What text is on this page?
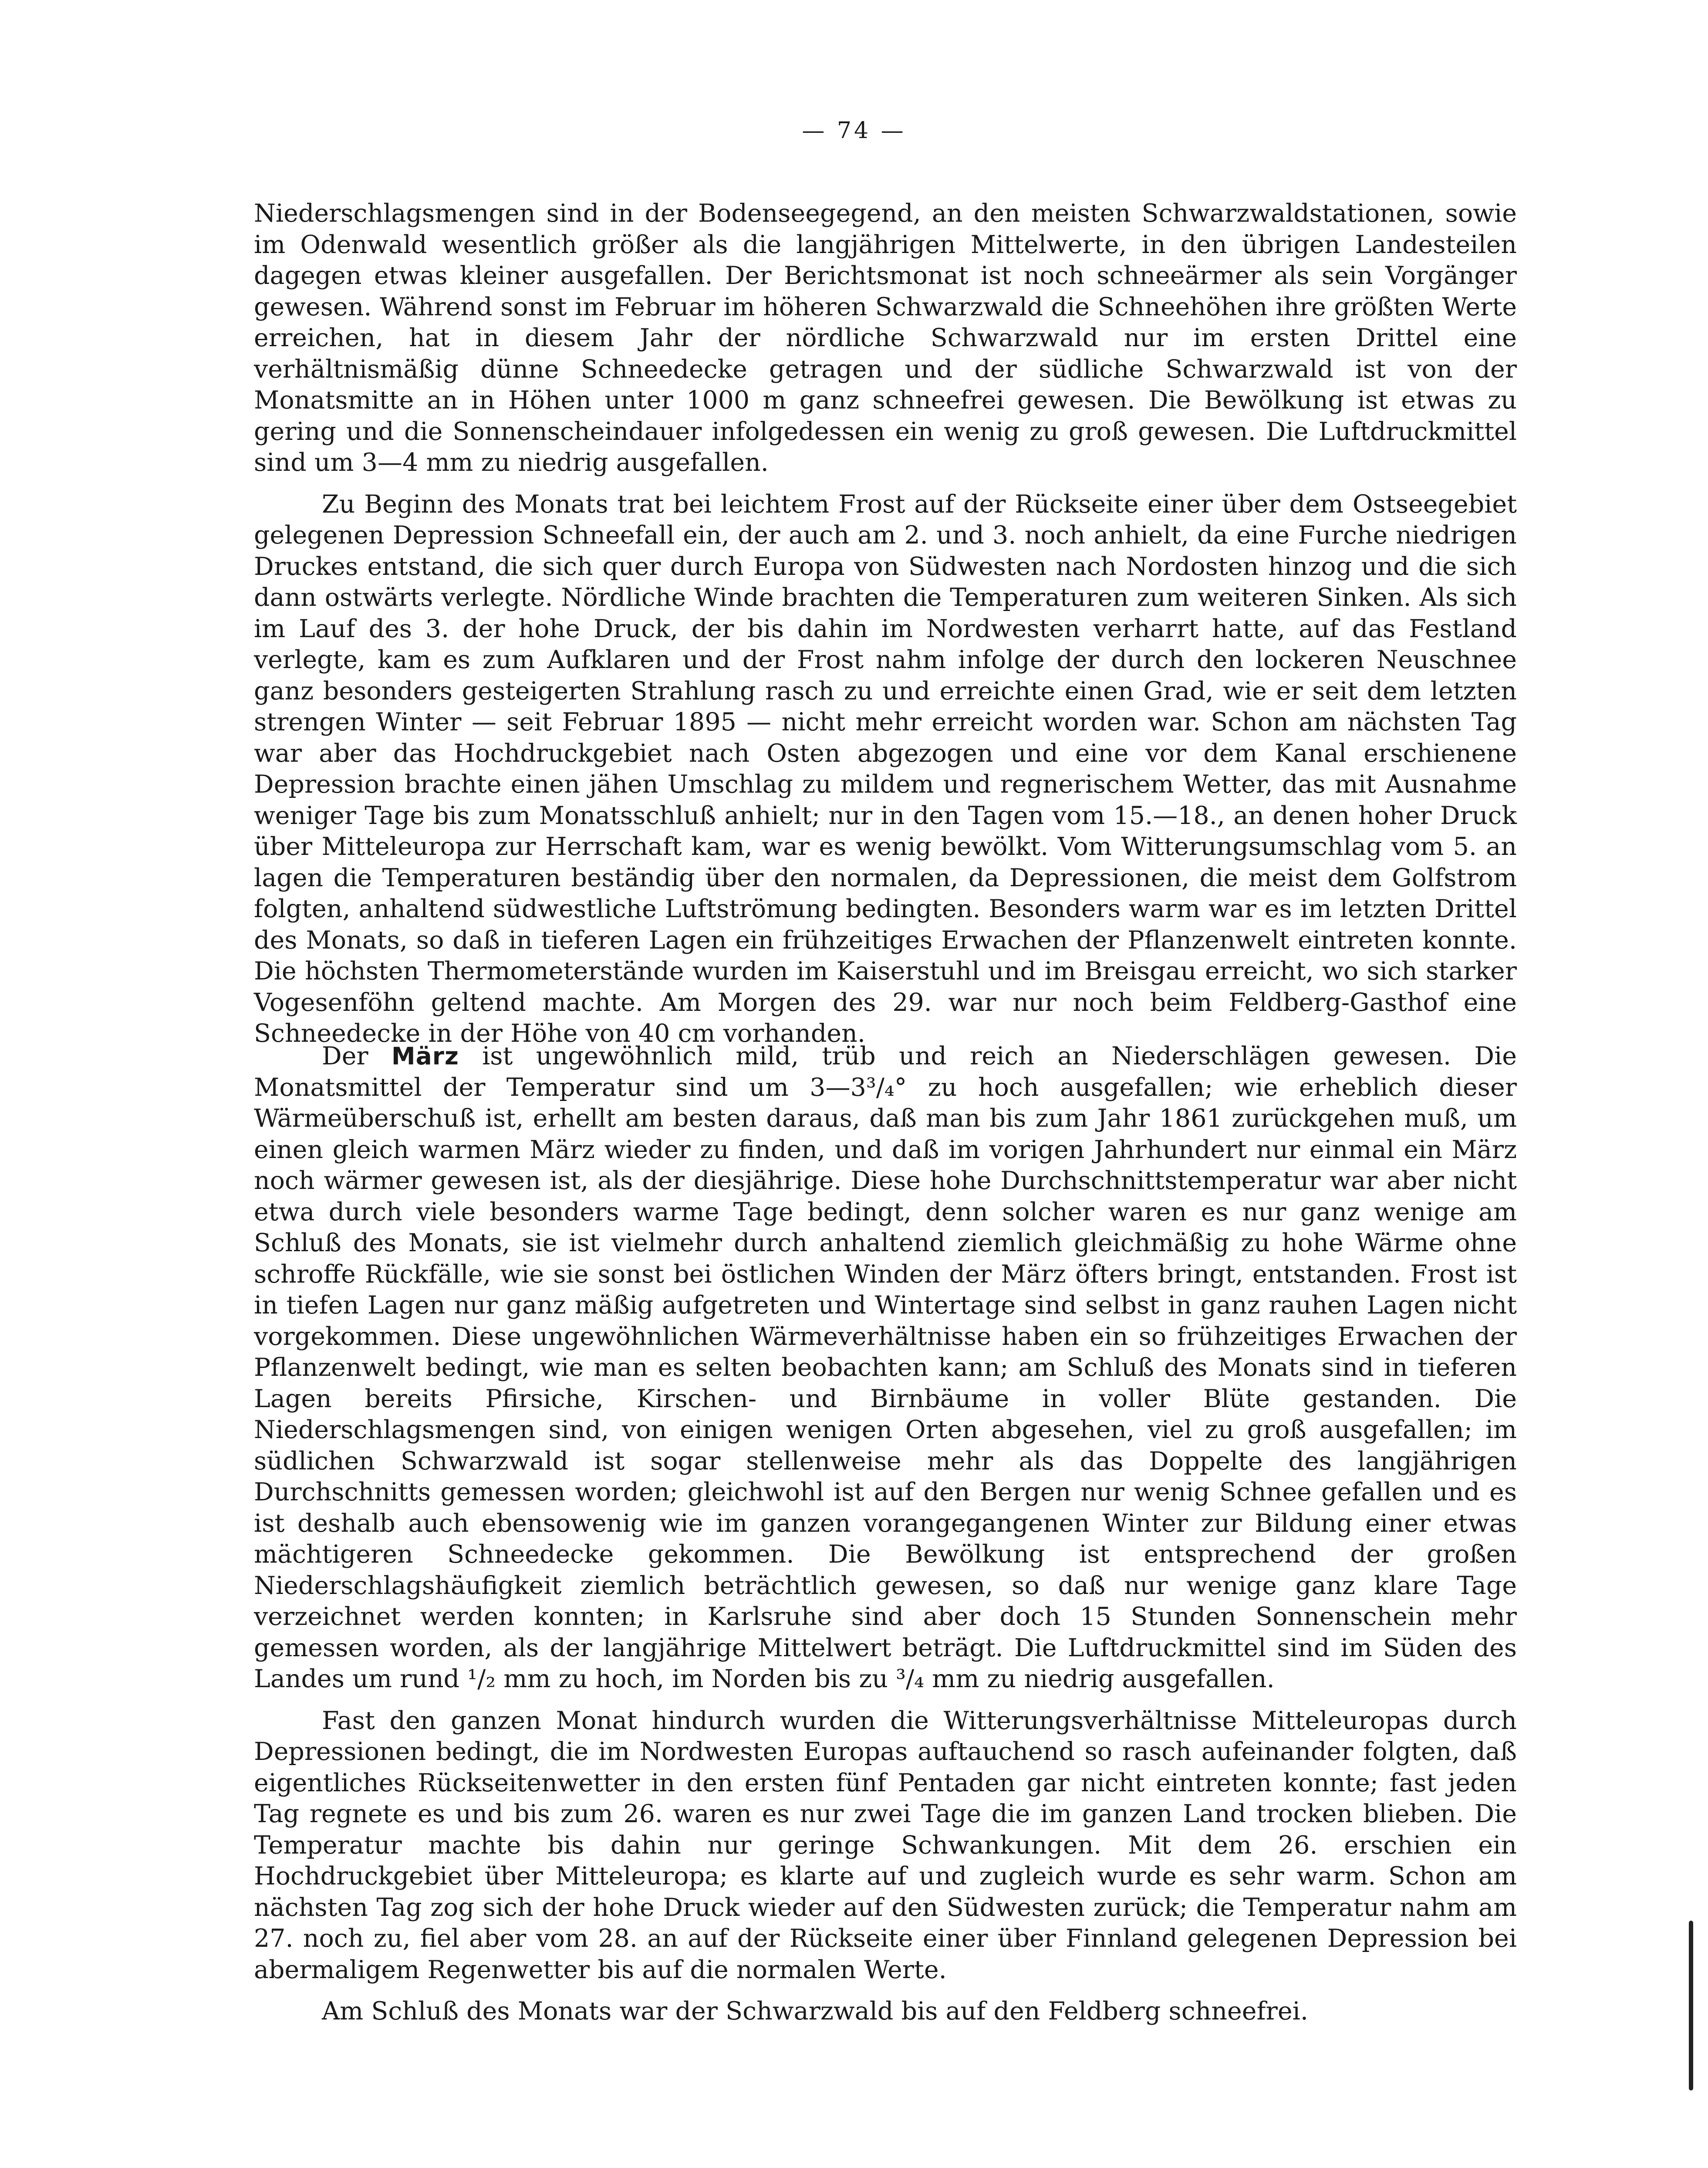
— 74 —

Niederschlagsmengen sind in der Bodenseegegend, an den meisten Schwarzwaldstationen, sowie im Odenwald wesentlich größer als die langjährigen Mittelwerte, in den übrigen Landesteilen dagegen etwas kleiner ausgefallen. Der Berichtsmonat ist noch schneeärmer als sein Vorgänger gewesen. Während sonst im Februar im höheren Schwarzwald die Schneehöhen ihre größten Werte erreichen, hat in diesem Jahr der nördliche Schwarzwald nur im ersten Drittel eine verhältnismäßig dünne Schneedecke getragen und der südliche Schwarzwald ist von der Monatsmitte an in Höhen unter 1000 m ganz schneefrei gewesen. Die Bewölkung ist etwas zu gering und die Sonnenscheindauer infolgedessen ein wenig zu groß gewesen. Die Luftdruckmittel sind um 3—4 mm zu niedrig ausgefallen.

Zu Beginn des Monats trat bei leichtem Frost auf der Rückseite einer über dem Ostseegebiet gelegenen Depression Schneefall ein, der auch am 2. und 3. noch anhielt, da eine Furche niedrigen Druckes entstand, die sich quer durch Europa von Südwesten nach Nordosten hinzog und die sich dann ostwärts verlegte. Nördliche Winde brachten die Temperaturen zum weiteren Sinken. Als sich im Lauf des 3. der hohe Druck, der bis dahin im Nordwesten verharrt hatte, auf das Festland verlegte, kam es zum Aufklaren und der Frost nahm infolge der durch den lockeren Neuschnee ganz besonders gesteigerten Strahlung rasch zu und erreichte einen Grad, wie er seit dem letzten strengen Winter — seit Februar 1895 — nicht mehr erreicht worden war. Schon am nächsten Tag war aber das Hochdruckgebiet nach Osten abgezogen und eine vor dem Kanal erschienene Depression brachte einen jähen Umschlag zu mildem und regnerischem Wetter, das mit Ausnahme weniger Tage bis zum Monatsschluß anhielt; nur in den Tagen vom 15.—18., an denen hoher Druck über Mitteleuropa zur Herrschaft kam, war es wenig bewölkt. Vom Witterungsumschlag vom 5. an lagen die Temperaturen beständig über den normalen, da Depressionen, die meist dem Golfstrom folgten, anhaltend südwestliche Luftströmung bedingten. Besonders warm war es im letzten Drittel des Monats, so daß in tieferen Lagen ein frühzeitiges Erwachen der Pflanzenwelt eintreten konnte. Die höchsten Thermometerstände wurden im Kaiserstuhl und im Breisgau erreicht, wo sich starker Vogesenföhn geltend machte. Am Morgen des 29. war nur noch beim Feldberg-Gasthof eine Schneedecke in der Höhe von 40 cm vorhanden.

Der März ist ungewöhnlich mild, trüb und reich an Niederschlägen gewesen. Die Monatsmittel der Temperatur sind um 3—3³/₄° zu hoch ausgefallen; wie erheblich dieser Wärmeüberschuß ist, erhellt am besten daraus, daß man bis zum Jahr 1861 zurückgehen muß, um einen gleich warmen März wieder zu finden, und daß im vorigen Jahrhundert nur einmal ein März noch wärmer gewesen ist, als der diesjährige. Diese hohe Durchschnittstemperatur war aber nicht etwa durch viele besonders warme Tage bedingt, denn solcher waren es nur ganz wenige am Schluß des Monats, sie ist vielmehr durch anhaltend ziemlich gleichmäßig zu hohe Wärme ohne schroffe Rückfälle, wie sie sonst bei östlichen Winden der März öfters bringt, entstanden. Frost ist in tiefen Lagen nur ganz mäßig aufgetreten und Wintertage sind selbst in ganz rauhen Lagen nicht vorgekommen. Diese ungewöhnlichen Wärmeverhältnisse haben ein so frühzeitiges Erwachen der Pflanzenwelt bedingt, wie man es selten beobachten kann; am Schluß des Monats sind in tieferen Lagen bereits Pfirsiche, Kirschen- und Birnbäume in voller Blüte gestanden. Die Niederschlagsmengen sind, von einigen wenigen Orten abgesehen, viel zu groß ausgefallen; im südlichen Schwarzwald ist sogar stellenweise mehr als das Doppelte des langjährigen Durchschnitts gemessen worden; gleichwohl ist auf den Bergen nur wenig Schnee gefallen und es ist deshalb auch ebensowenig wie im ganzen vorangegangenen Winter zur Bildung einer etwas mächtigeren Schneedecke gekommen. Die Bewölkung ist entsprechend der großen Niederschlagshäufigkeit ziemlich beträchtlich gewesen, so daß nur wenige ganz klare Tage verzeichnet werden konnten; in Karlsruhe sind aber doch 15 Stunden Sonnenschein mehr gemessen worden, als der langjährige Mittelwert beträgt. Die Luftdruckmittel sind im Süden des Landes um rund ¹/₂ mm zu hoch, im Norden bis zu ³/₄ mm zu niedrig ausgefallen.

Fast den ganzen Monat hindurch wurden die Witterungsverhältnisse Mitteleuropas durch Depressionen bedingt, die im Nordwesten Europas auftauchend so rasch aufeinander folgten, daß eigentliches Rückseitenwetter in den ersten fünf Pentaden gar nicht eintreten konnte; fast jeden Tag regnete es und bis zum 26. waren es nur zwei Tage die im ganzen Land trocken blieben. Die Temperatur machte bis dahin nur geringe Schwankungen. Mit dem 26. erschien ein Hochdruckgebiet über Mitteleuropa; es klarte auf und zugleich wurde es sehr warm. Schon am nächsten Tag zog sich der hohe Druck wieder auf den Südwesten zurück; die Temperatur nahm am 27. noch zu, fiel aber vom 28. an auf der Rückseite einer über Finnland gelegenen Depression bei abermaligem Regenwetter bis auf die normalen Werte.

Am Schluß des Monats war der Schwarzwald bis auf den Feldberg schneefrei.
